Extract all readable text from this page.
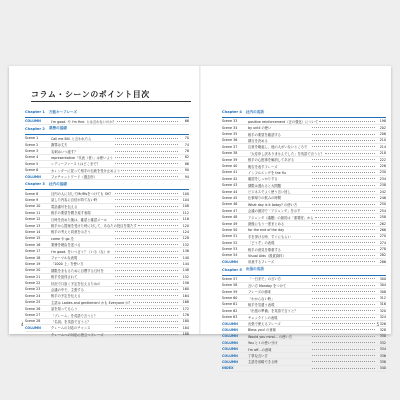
コラム・シーンのポイント目次
Chapter 1 万能キーフレーズ
COLUMN	I'm good. や I'm fine. とは言わないのか？	66
Chapter 2 業務の基礎
Scene 1	Call me Bill. と言われたら	70
Scene 2	謝罪は丈夫	74
Scene 3	名刺はいつ渡す？	78
Scene 4	representative「代表（者）」は使いよう	82
Scene 5	レディーファーストはどこまで？	86
Scene 6	カレンダーに従って相手の伝統を受け止めよう	90
COLUMN	フォチャットワード（過去形）	94
Chapter 3 社内の基礎
Scene 8	社内の人に対してMr/Msをつけても OK？	100
Scene 9	話した内容に自信が持てない時	104
Scene 10	電話番号を伝える	108
Scene 11	相手の要望を聞き返す表現	112
Scene 12	日時を決めた後は、確認と確認メール	116
Scene 13	相手から提案を受けた時に対して、あなたの役目を果たす	120
Scene 14	相手の考えと同意を示そう	124
Scene 15	come や go を	128
Scene 16	業務を理由を述べる	132
Scene 17	I'm good. をいつ言う？（いる（な）か	136
Scene 18	フォーマルな表現	140
Scene 19	「1000 上」を使い方	144
Scene 20	期限をまもるために目標する日付を	148
Scene 21	相手を説得されて	152
Scene 22	状況で口説く予定を伝えるための	156
Scene 23	会議の中で、主張する	160
Scene 24	相手の予定を伝える	164
Scene 25	主語は Ladies and gentlemen! かも Everyone か？	168
Scene 26	話を知ってもらう	172
Scene 27	「ブレーム」を英語で言うと？	176
Scene 28	「名詞」を英語で言うと？	180
COLUMN	クレームの対応のチャンス	184
クレームへの対応に役立つフレーズ	188
Chapter 4 社内の英語
Scene 33	positive reinforcement（正の強化）について	198
Scene 34	by until の使い	202
Scene 35	相手の要望を確認する	206
Scene 36	期日を決める	210
Scene 37	注意を喚起し、他の人がいないところで	214
Scene 38	「大変申し訳ありませんでした」を英語で言うと？	218
Scene 39	相手の心配事を解消してあげる	222
Scene 40	報告を表すフレーズ	226
Scene 41	インフルエンザを the flu	230
Scene 42	確認をしっかりする	234
Scene 43	期限は遅れると大問題	238
Scene 44	ビジネスでよく使う言い回し	242
Scene 45	仕事帰りの飲みの時間	246
Scene 46	What day is it today? の使い方	250
Scene 47	会議の最初で「アジェンダ」を示す	254
Scene 48	アジェンダ（議題）の最初は「重要度」から	258
Scene 49	最後にもう一度まとめる	262
Scene 50	for the end of the day	266
Scene 51	手を挙げる時、すぐにもらい	270
Scene 52	「どうぞ」の表現	274
Scene 53	相手の意見を尊重する	278
Scene 54	Visual Aids（視覚資料）	282
COLUMN	用意するフレーズ	286
Chapter 5 出張の英語
Scene 57	「一日まで」の言い方	300
Scene 58	言い方 Monday をつけて	304
Scene 59	フレーズの意味	308
Scene 60	「わからない時」	312
Scene 61	相手を気遣う表現	316
Scene 62	「出張の準備」を英語で言うと？	320
Scene 63	チェックインの表現	324
COLUMN	出張で使えるフレーズ	326
COLUMN	Bless you! の意味	328
COLUMN	Would you mind... の使い方	330
COLUMN	You と I の使い分け	332
COLUMN	I'm off...の意味	334
COLUMN	丁寧な言い方	336
COLUMN	主語を省略できる時	338
INDEX	340
4	5
